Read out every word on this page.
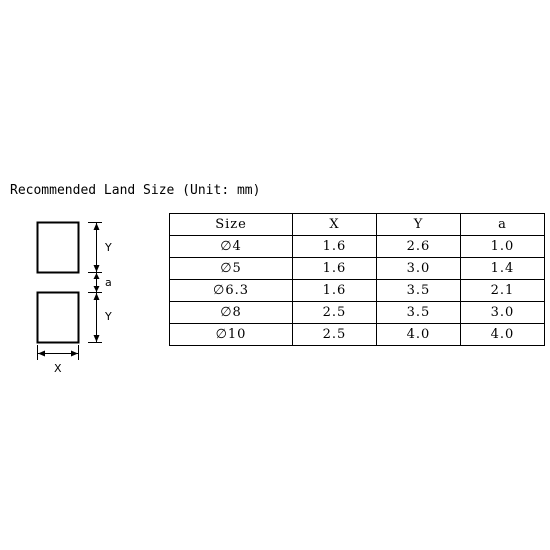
Recommended Land Size (Unit: mm)
Y
a
Y
X
Size	X	Y	a
∅4	1.6	2.6	1.0
∅5	1.6	3.0	1.4
∅6.3	1.6	3.5	2.1
∅8	2.5	3.5	3.0
∅10	2.5	4.0	4.0
